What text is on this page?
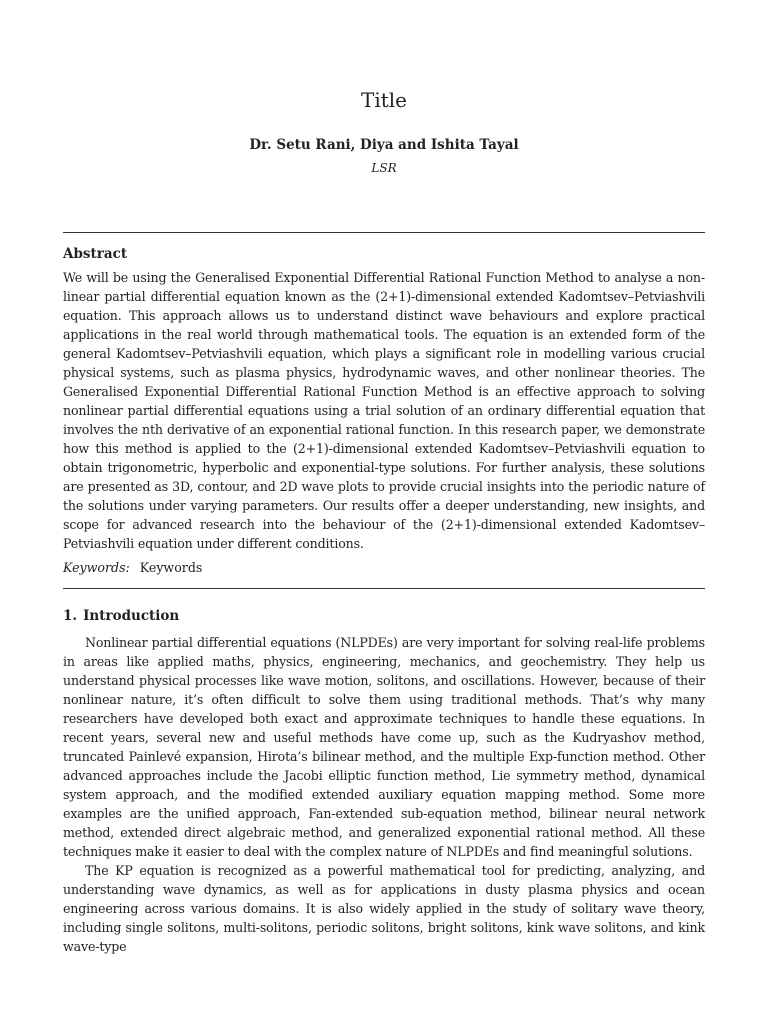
Title
Dr. Setu Rani, Diya and Ishita Tayal
LSR
Abstract
We will be using the Generalised Exponential Differential Rational Function Method to analyse a non-linear partial differential equation known as the (2+1)-dimensional extended Kadomtsev–Petviashvili equation. This approach allows us to understand distinct wave behaviours and explore practical applications in the real world through mathematical tools. The equation is an extended form of the general Kadomtsev–Petviashvili equation, which plays a significant role in modelling various crucial physical systems, such as plasma physics, hydrodynamic waves, and other nonlinear theories. The Generalised Exponential Differential Rational Function Method is an effective approach to solving nonlinear partial differential equations using a trial solution of an ordinary differential equation that involves the nth derivative of an exponential rational function. In this research paper, we demonstrate how this method is applied to the (2+1)-dimensional extended Kadomtsev–Petviashvili equation to obtain trigonometric, hyperbolic and exponential-type solutions. For further analysis, these solutions are presented as 3D, contour, and 2D wave plots to provide crucial insights into the periodic nature of the solutions under varying parameters. Our results offer a deeper understanding, new insights, and scope for advanced research into the behaviour of the (2+1)-dimensional extended Kadomtsev–Petviashvili equation under different conditions.
Keywords: Keywords
1. Introduction

Nonlinear partial differential equations (NLPDEs) are very important for solving real-life problems in areas like applied maths, physics, engineering, mechanics, and geochemistry. They help us understand physical processes like wave motion, solitons, and oscillations. However, because of their nonlinear nature, it’s often difficult to solve them using traditional methods. That’s why many researchers have developed both exact and approximate techniques to handle these equations. In recent years, several new and useful methods have come up, such as the Kudryashov method, truncated Painlevé expansion, Hirota’s bilinear method, and the multiple Exp-function method. Other advanced approaches include the Jacobi elliptic function method, Lie symmetry method, dynamical system approach, and the modified extended auxiliary equation mapping method. Some more examples are the unified approach, Fan-extended sub-equation method, bilinear neural network method, extended direct algebraic method, and generalized exponential rational method. All these techniques make it easier to deal with the complex nature of NLPDEs and find meaningful solutions.

The KP equation is recognized as a powerful mathematical tool for predicting, analyzing, and understanding wave dynamics, as well as for applications in dusty plasma physics and ocean engineering across various domains. It is also widely applied in the study of solitary wave theory, including single solitons, multi-solitons, periodic solitons, bright solitons, kink wave solitons, and kink wave-type
